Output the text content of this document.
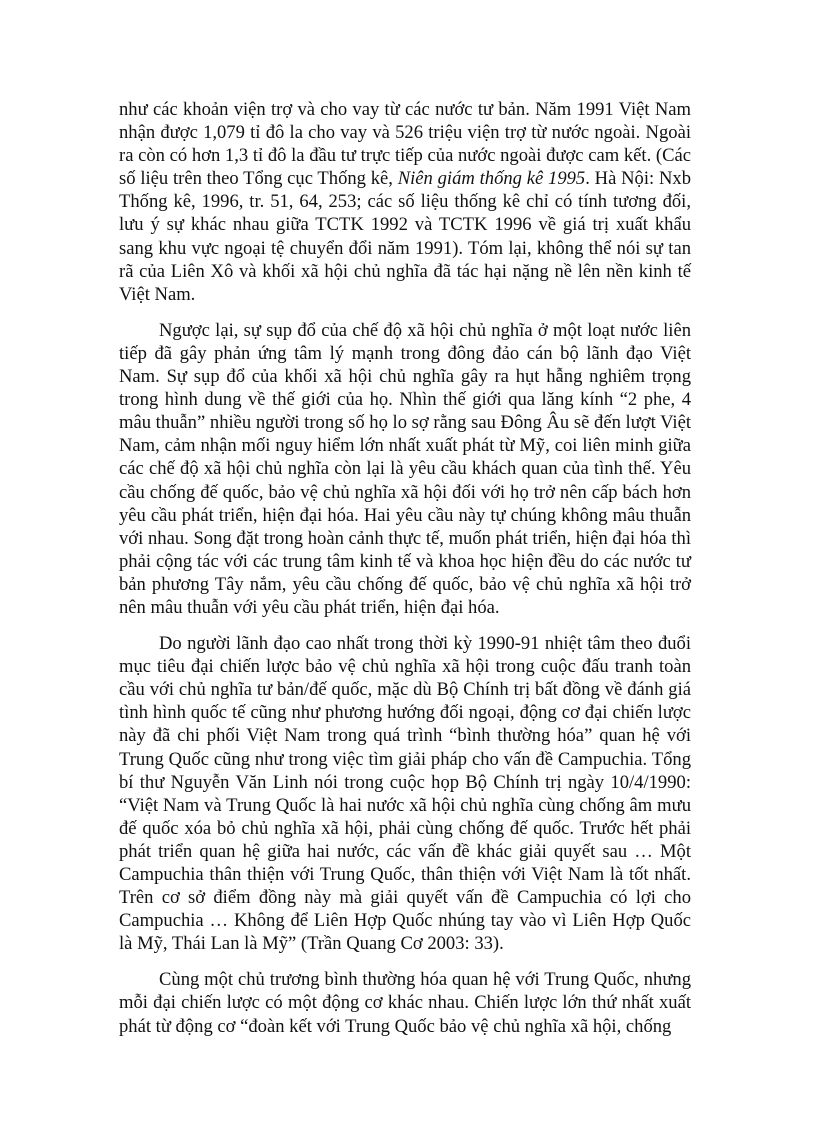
như các khoản viện trợ và cho vay từ các nước tư bản. Năm 1991 Việt Nam nhận được 1,079 tỉ đô la cho vay và 526 triệu viện trợ từ nước ngoài. Ngoài ra còn có hơn 1,3 tỉ đô la đầu tư trực tiếp của nước ngoài được cam kết. (Các số liệu trên theo Tổng cục Thống kê, Niên giám thống kê 1995. Hà Nội: Nxb Thống kê, 1996, tr. 51, 64, 253; các số liệu thống kê chỉ có tính tương đối, lưu ý sự khác nhau giữa TCTK 1992 và TCTK 1996 về giá trị xuất khẩu sang khu vực ngoại tệ chuyển đổi năm 1991). Tóm lại, không thể nói sự tan rã của Liên Xô và khối xã hội chủ nghĩa đã tác hại nặng nề lên nền kinh tế Việt Nam.

Ngược lại, sự sụp đổ của chế độ xã hội chủ nghĩa ở một loạt nước liên tiếp đã gây phản ứng tâm lý mạnh trong đông đảo cán bộ lãnh đạo Việt Nam. Sự sụp đổ của khối xã hội chủ nghĩa gây ra hụt hẫng nghiêm trọng trong hình dung về thế giới của họ. Nhìn thế giới qua lăng kính “2 phe, 4 mâu thuẫn” nhiều người trong số họ lo sợ rằng sau Đông Âu sẽ đến lượt Việt Nam, cảm nhận mối nguy hiểm lớn nhất xuất phát từ Mỹ, coi liên minh giữa các chế độ xã hội chủ nghĩa còn lại là yêu cầu khách quan của tình thế. Yêu cầu chống đế quốc, bảo vệ chủ nghĩa xã hội đối với họ trở nên cấp bách hơn yêu cầu phát triển, hiện đại hóa. Hai yêu cầu này tự chúng không mâu thuẫn với nhau. Song đặt trong hoàn cảnh thực tế, muốn phát triển, hiện đại hóa thì phải cộng tác với các trung tâm kinh tế và khoa học hiện đều do các nước tư bản phương Tây nắm, yêu cầu chống đế quốc, bảo vệ chủ nghĩa xã hội trở nên mâu thuẫn với yêu cầu phát triển, hiện đại hóa.

Do người lãnh đạo cao nhất trong thời kỳ 1990-91 nhiệt tâm theo đuổi mục tiêu đại chiến lược bảo vệ chủ nghĩa xã hội trong cuộc đấu tranh toàn cầu với chủ nghĩa tư bản/đế quốc, mặc dù Bộ Chính trị bất đồng về đánh giá tình hình quốc tế cũng như phương hướng đối ngoại, động cơ đại chiến lược này đã chi phối Việt Nam trong quá trình “bình thường hóa” quan hệ với Trung Quốc cũng như trong việc tìm giải pháp cho vấn đề Campuchia. Tổng bí thư Nguyễn Văn Linh nói trong cuộc họp Bộ Chính trị ngày 10/4/1990: “Việt Nam và Trung Quốc là hai nước xã hội chủ nghĩa cùng chống âm mưu đế quốc xóa bỏ chủ nghĩa xã hội, phải cùng chống đế quốc. Trước hết phải phát triển quan hệ giữa hai nước, các vấn đề khác giải quyết sau … Một Campuchia thân thiện với Trung Quốc, thân thiện với Việt Nam là tốt nhất. Trên cơ sở điểm đồng này mà giải quyết vấn đề Campuchia có lợi cho Campuchia … Không để Liên Hợp Quốc nhúng tay vào vì Liên Hợp Quốc là Mỹ, Thái Lan là Mỹ” (Trần Quang Cơ 2003: 33).

Cùng một chủ trương bình thường hóa quan hệ với Trung Quốc, nhưng mỗi đại chiến lược có một động cơ khác nhau. Chiến lược lớn thứ nhất xuất phát từ động cơ “đoàn kết với Trung Quốc bảo vệ chủ nghĩa xã hội, chống
